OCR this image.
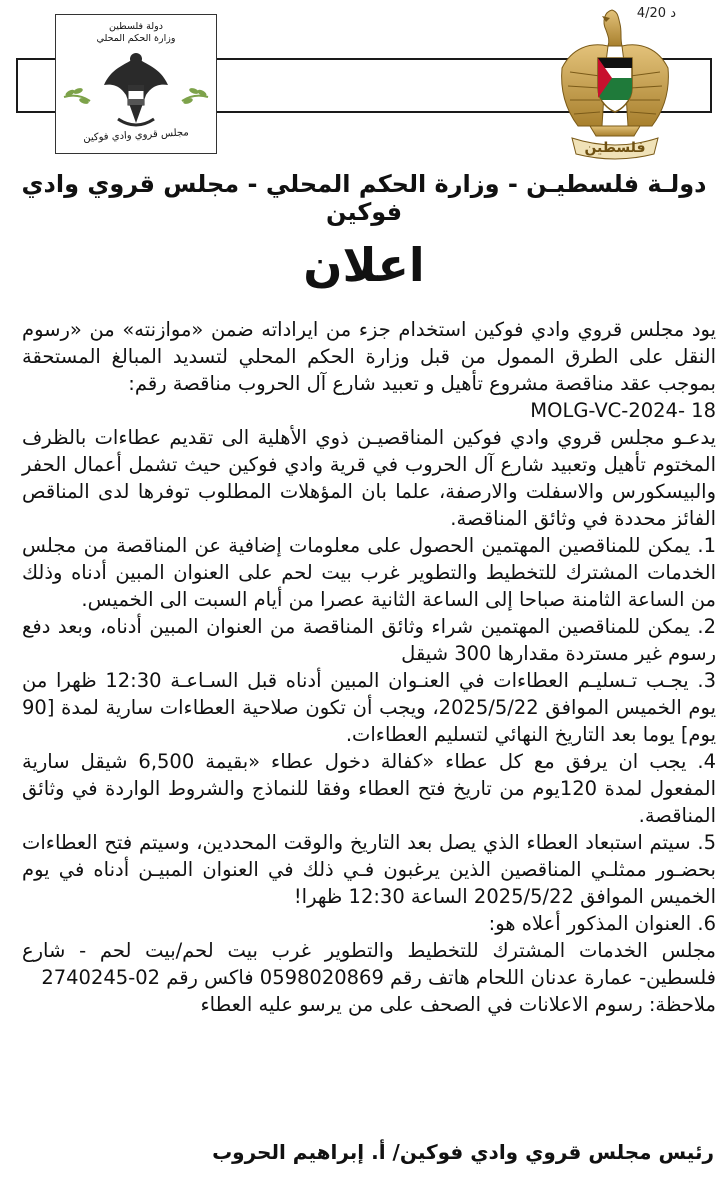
4/20 د
دولة فلسطين
وزارة الحكم المحلي
مجلس قروي وادي فوكين
فلسطين
دولـة فلسطيـن - وزارة الحكم المحلي - مجلس قروي وادي فوكين
اعلان

يود مجلس قروي وادي فوكين استخدام جزء من ايراداته ضمن «موازنته» من «رسوم النقل على الطرق الممول من قبل وزارة الحكم المحلي لتسديد المبالغ المستحقة بموجب عقد مناقصة مشروع تأهيل و تعبيد شارع آل الحروب مناقصة رقم:

MOLG-VC-2024- 18

يدعـو مجلس قروي وادي فوكين المناقصيـن ذوي الأهلية الى تقديم عطاءات بالظرف المختوم تأهيل وتعبيد شارع آل الحروب في قرية وادي فوكين حيث تشمل أعمال الحفر والبيسكورس والاسفلت والارصفة، علما بان المؤهلات المطلوب توفرها لدى المناقص الفائز محددة في وثائق المناقصة.

1. يمكن للمناقصين المهتمين الحصول على معلومات إضافية عن المناقصة من مجلس الخدمات المشترك للتخطيط والتطوير غرب بيت لحم على العنوان المبين أدناه وذلك من الساعة الثامنة صباحا إلى الساعة الثانية عصرا من أيام السبت الى الخميس.

2. يمكن للمناقصين المهتمين شراء وثائق المناقصة من العنوان المبين أدناه، وبعد دفع رسوم غير مستردة مقدارها 300 شيقل

3. يجـب تـسليـم العطاءات في العنـوان المبين أدناه قبل السـاعـة 12:30 ظهرا من يوم الخميس الموافق 2025/5/22، ويجب أن تكون صلاحية العطاءات سارية لمدة [90 يوم] يوما بعد التاريخ النهائي لتسليم العطاءات.

4. يجب ان يرفق مع كل عطاء «كفالة دخول عطاء «بقيمة 6,500 شيقل سارية المفعول لمدة 120يوم من تاريخ فتح العطاء وفقا للنماذج والشروط الواردة في وثائق المناقصة.

5. سيتم استبعاد العطاء الذي يصل بعد التاريخ والوقت المحددين، وسيتم فتح العطاءات بحضـور ممثلـي المناقصين الذين يرغبون فـي ذلك في العنوان المبيـن أدناه في يوم الخميس الموافق 2025/5/22 الساعة 12:30 ظهرا!

6. العنوان المذكور أعلاه هو:

مجلس الخدمات المشترك للتخطيط والتطوير غرب بيت لحم/بيت لحم - شارع فلسطين- عمارة عدنان اللحام هاتف رقم 0598020869 فاكس رقم 02-2740245

ملاحظة: رسوم الاعلانات في الصحف على من يرسو عليه العطاء

رئيس مجلس قروي وادي فوكين/ أ. إبراهيم الحروب
